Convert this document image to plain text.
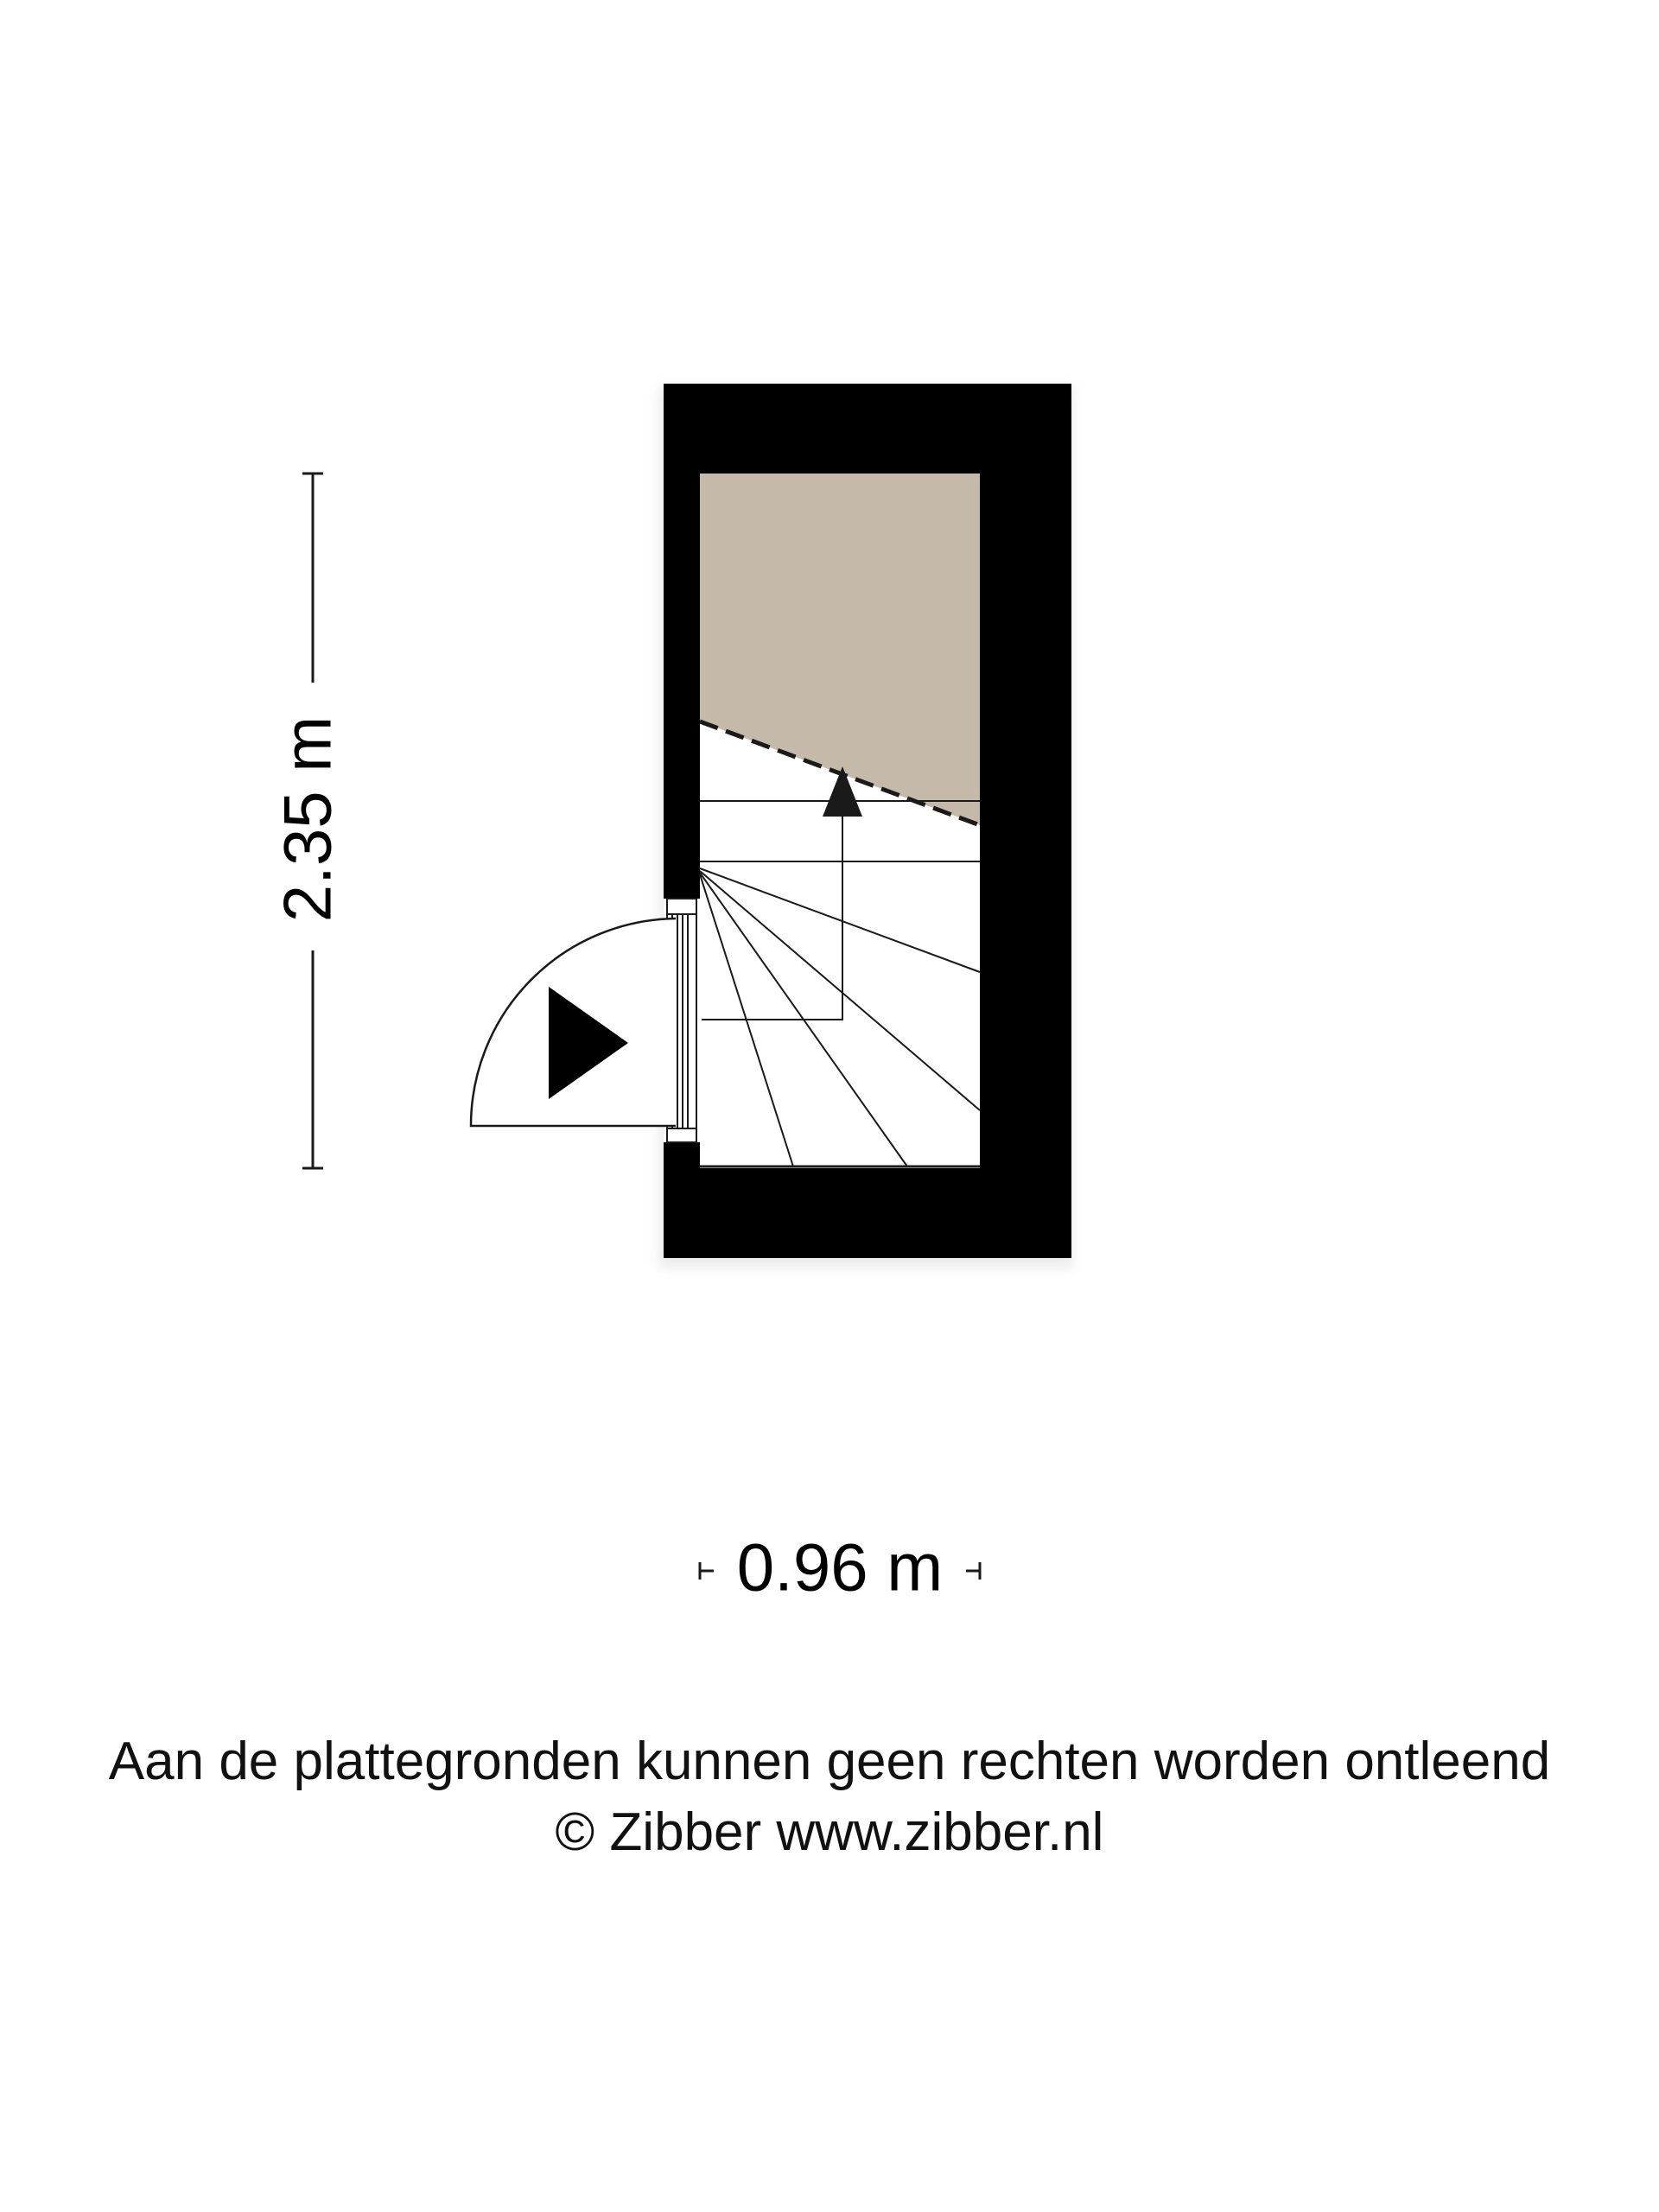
2.35 m
0.96 m
Aan de plattegronden kunnen geen rechten worden ontleend
© Zibber www.zibber.nl
